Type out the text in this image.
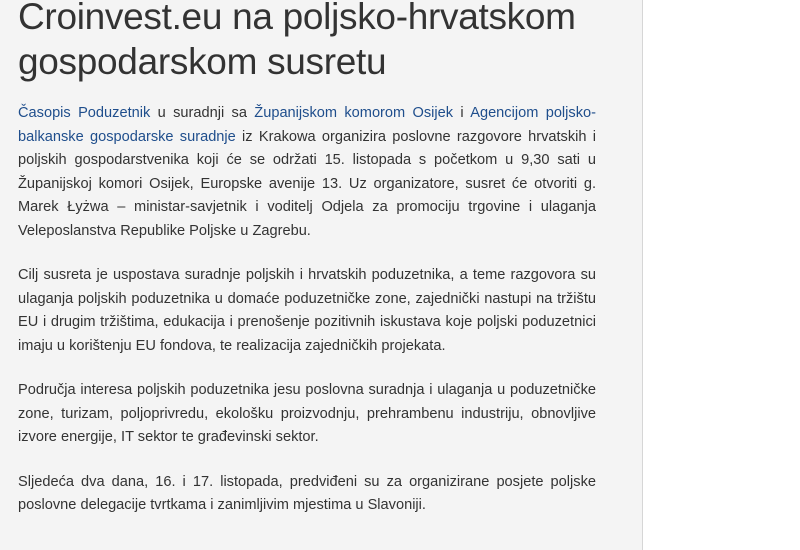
Croinvest.eu na poljsko-hrvatskom gospodarskom susretu

Časopis Poduzetnik u suradnji sa Županijskom komorom Osijek i Agencijom poljsko-balkanske gospodarske suradnje iz Krakowa organizira poslovne razgovore hrvatskih i poljskih gospodarstvenika koji će se održati 15. listopada s početkom u 9,30 sati u Županijskoj komori Osijek, Europske avenije 13. Uz organizatore, susret će otvoriti g. Marek Łyżwa – ministar-savjetnik i voditelj Odjela za promociju trgovine i ulaganja Veleposlanstva Republike Poljske u Zagrebu.

Cilj susreta je uspostava suradnje poljskih i hrvatskih poduzetnika, a teme razgovora su ulaganja poljskih poduzetnika u domaće poduzetničke zone, zajednički nastupi na tržištu EU i drugim tržištima, edukacija i prenošenje pozitivnih iskustava koje poljski poduzetnici imaju u korištenju EU fondova, te realizacija zajedničkih projekata.

Područja interesa poljskih poduzetnika jesu poslovna suradnja i ulaganja u poduzetničke zone, turizam, poljoprivredu, ekološku proizvodnju, prehrambenu industriju, obnovljive izvore energije, IT sektor te građevinski sektor.

Sljedeća dva dana, 16. i 17. listopada, predviđeni su za organizirane posjete poljske poslovne delegacije tvrtkama i zanimljivim mjestima u Slavoniji.
